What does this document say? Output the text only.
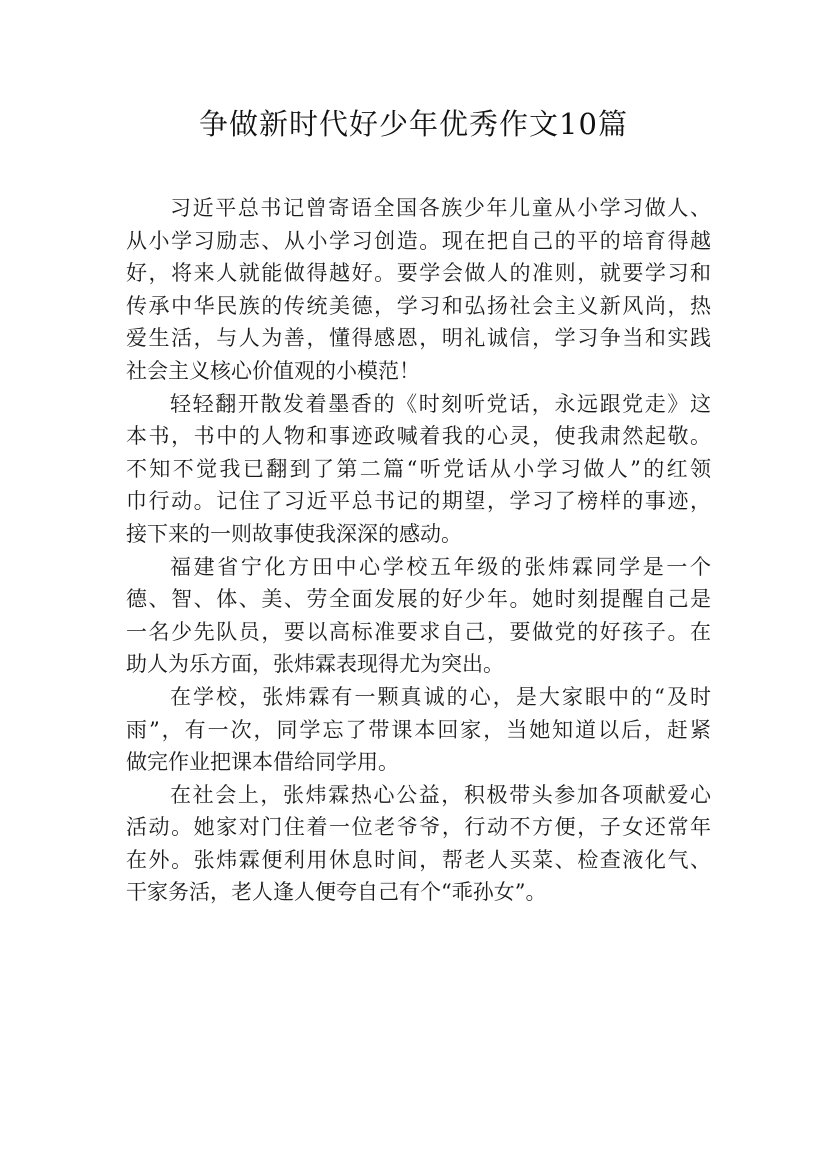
争做新时代好少年优秀作文10篇
习近平总书记曾寄语全国各族少年儿童从小学习做人、
从小学习励志、从小学习创造。现在把自己的平的培育得越
好，将来人就能做得越好。要学会做人的准则，就要学习和
传承中华民族的传统美德，学习和弘扬社会主义新风尚，热
爱生活，与人为善，懂得感恩，明礼诚信，学习争当和实践
社会主义核心价值观的小模范！
轻轻翻开散发着墨香的《时刻听党话，永远跟党走》这
本书，书中的人物和事迹政喊着我的心灵，使我肃然起敬。
不知不觉我已翻到了第二篇“听党话从小学习做人”的红领
巾行动。记住了习近平总书记的期望，学习了榜样的事迹，
接下来的一则故事使我深深的感动。
福建省宁化方田中心学校五年级的张炜霖同学是一个
德、智、体、美、劳全面发展的好少年。她时刻提醒自己是
一名少先队员，要以高标准要求自己，要做党的好孩子。在
助人为乐方面，张炜霖表现得尤为突出。
在学校，张炜霖有一颗真诚的心，是大家眼中的“及时
雨”，有一次，同学忘了带课本回家，当她知道以后，赶紧
做完作业把课本借给同学用。
在社会上，张炜霖热心公益，积极带头参加各项献爱心
活动。她家对门住着一位老爷爷，行动不方便，子女还常年
在外。张炜霖便利用休息时间，帮老人买菜、检查液化气、
干家务活，老人逢人便夸自己有个“乖孙女”。
